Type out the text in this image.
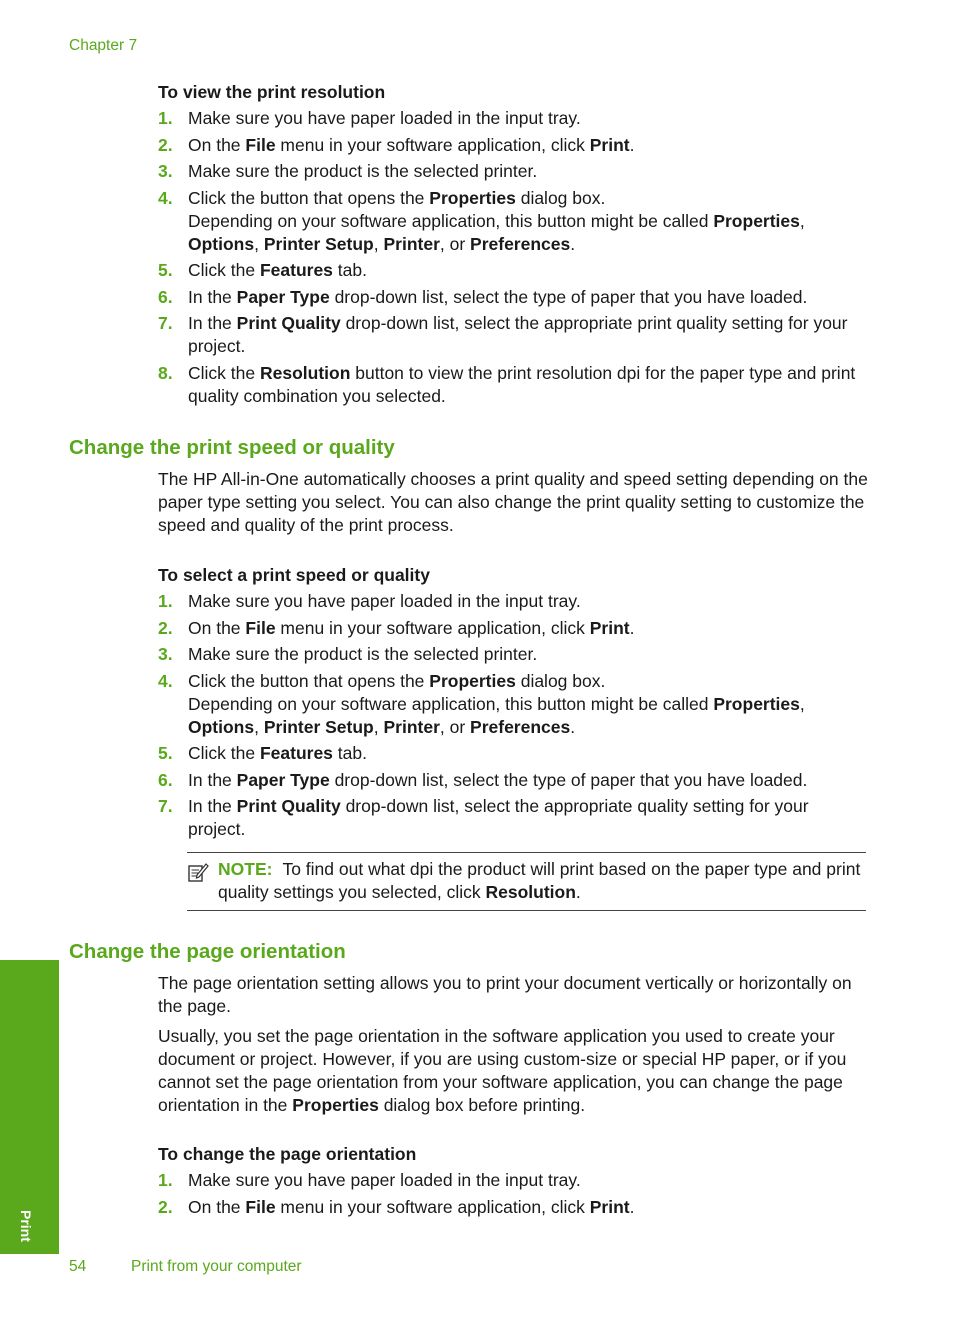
Chapter 7
To view the print resolution
1. Make sure you have paper loaded in the input tray.
2. On the File menu in your software application, click Print.
3. Make sure the product is the selected printer.
4. Click the button that opens the Properties dialog box.
Depending on your software application, this button might be called Properties, Options, Printer Setup, Printer, or Preferences.
5. Click the Features tab.
6. In the Paper Type drop-down list, select the type of paper that you have loaded.
7. In the Print Quality drop-down list, select the appropriate print quality setting for your project.
8. Click the Resolution button to view the print resolution dpi for the paper type and print quality combination you selected.
Change the print speed or quality

The HP All-in-One automatically chooses a print quality and speed setting depending on the paper type setting you select. You can also change the print quality setting to customize the speed and quality of the print process.

To select a print speed or quality
1. Make sure you have paper loaded in the input tray.
2. On the File menu in your software application, click Print.
3. Make sure the product is the selected printer.
4. Click the button that opens the Properties dialog box.
Depending on your software application, this button might be called Properties, Options, Printer Setup, Printer, or Preferences.
5. Click the Features tab.
6. In the Paper Type drop-down list, select the type of paper that you have loaded.
7. In the Print Quality drop-down list, select the appropriate quality setting for your project.
NOTE: To find out what dpi the product will print based on the paper type and print quality settings you selected, click Resolution.
Change the page orientation

The page orientation setting allows you to print your document vertically or horizontally on the page.

Usually, you set the page orientation in the software application you used to create your document or project. However, if you are using custom-size or special HP paper, or if you cannot set the page orientation from your software application, you can change the page orientation in the Properties dialog box before printing.

To change the page orientation
1. Make sure you have paper loaded in the input tray.
2. On the File menu in your software application, click Print.
Print
54	Print from your computer
